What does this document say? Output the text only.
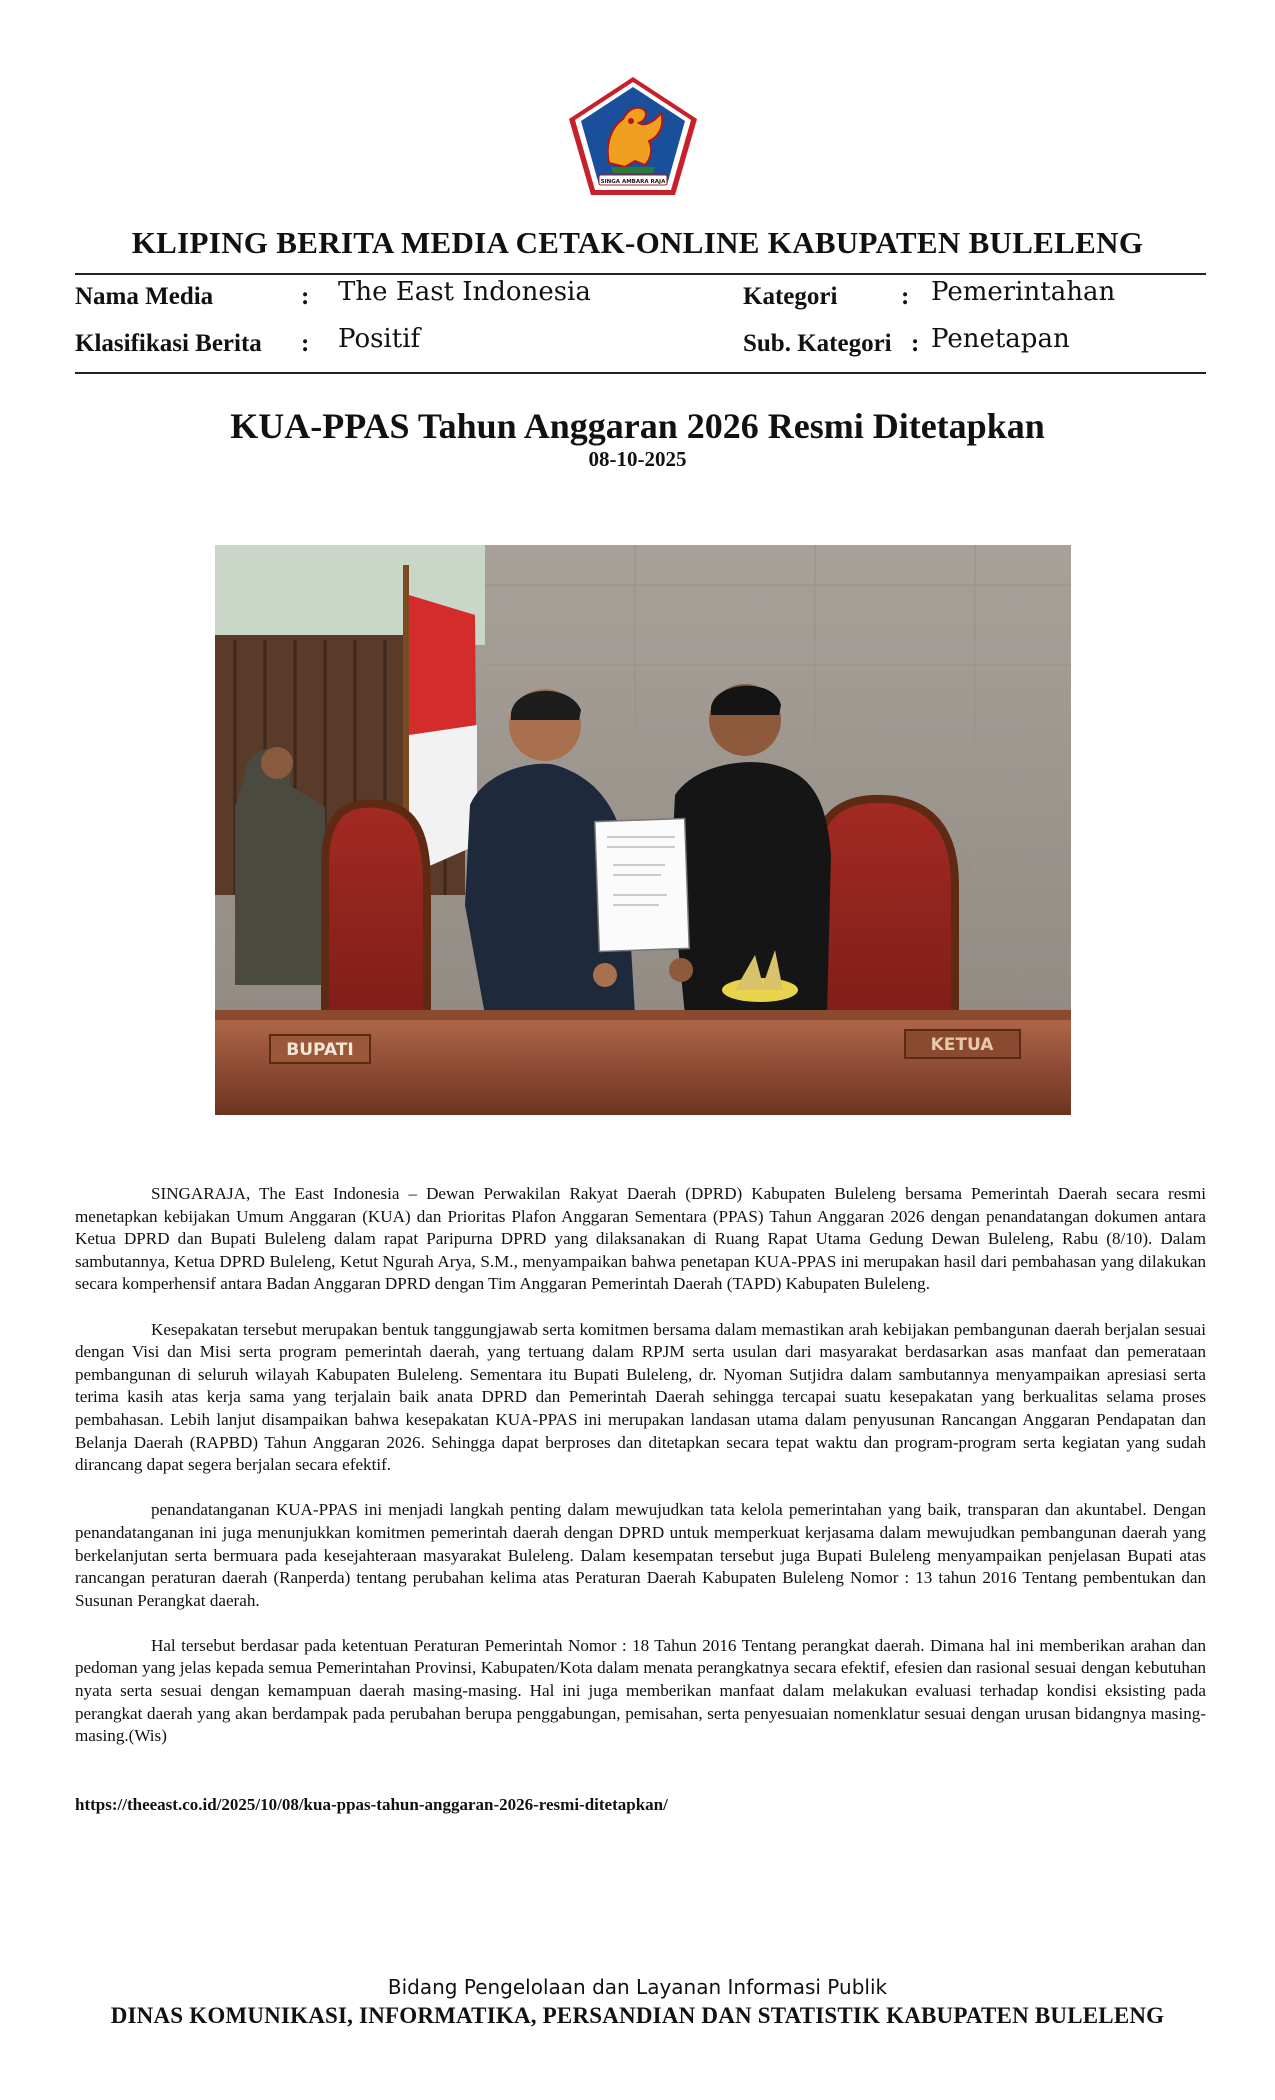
SINGA AMBARA RAJA
KLIPING BERITA MEDIA CETAK-ONLINE KABUPATEN BULELENG
Nama Media	: The East Indonesia	Kategori	: Pemerintahan
Klasifikasi Berita : Positif	Sub. Kategori : Penetapan
KUA-PPAS Tahun Anggaran 2026 Resmi Ditetapkan
08-10-2025
BUPATI	KETUA

SINGARAJA, The East Indonesia – Dewan Perwakilan Rakyat Daerah (DPRD) Kabupaten Buleleng bersama Pemerintah Daerah secara resmi menetapkan kebijakan Umum Anggaran (KUA) dan Prioritas Plafon Anggaran Sementara (PPAS) Tahun Anggaran 2026 dengan penandatangan dokumen antara Ketua DPRD dan Bupati Buleleng dalam rapat Paripurna DPRD yang dilaksanakan di Ruang Rapat Utama Gedung Dewan Buleleng, Rabu (8/10). Dalam sambutannya, Ketua DPRD Buleleng, Ketut Ngurah Arya, S.M., menyampaikan bahwa penetapan KUA-PPAS ini merupakan hasil dari pembahasan yang dilakukan secara komperhensif antara Badan Anggaran DPRD dengan Tim Anggaran Pemerintah Daerah (TAPD) Kabupaten Buleleng.

Kesepakatan tersebut merupakan bentuk tanggungjawab serta komitmen bersama dalam memastikan arah kebijakan pembangunan daerah berjalan sesuai dengan Visi dan Misi serta program pemerintah daerah, yang tertuang dalam RPJM serta usulan dari masyarakat berdasarkan asas manfaat dan pemerataan pembangunan di seluruh wilayah Kabupaten Buleleng. Sementara itu Bupati Buleleng, dr. Nyoman Sutjidra dalam sambutannya menyampaikan apresiasi serta terima kasih atas kerja sama yang terjalain baik anata DPRD dan Pemerintah Daerah sehingga tercapai suatu kesepakatan yang berkualitas selama proses pembahasan. Lebih lanjut disampaikan bahwa kesepakatan KUA-PPAS ini merupakan landasan utama dalam penyusunan Rancangan Anggaran Pendapatan dan Belanja Daerah (RAPBD) Tahun Anggaran 2026. Sehingga dapat berproses dan ditetapkan secara tepat waktu dan program-program serta kegiatan yang sudah dirancang dapat segera berjalan secara efektif.

penandatanganan KUA-PPAS ini menjadi langkah penting dalam mewujudkan tata kelola pemerintahan yang baik, transparan dan akuntabel. Dengan penandatanganan ini juga menunjukkan komitmen pemerintah daerah dengan DPRD untuk memperkuat kerjasama dalam mewujudkan pembangunan daerah yang berkelanjutan serta bermuara pada kesejahteraan masyarakat Buleleng. Dalam kesempatan tersebut juga Bupati Buleleng menyampaikan penjelasan Bupati atas rancangan peraturan daerah (Ranperda) tentang perubahan kelima atas Peraturan Daerah Kabupaten Buleleng Nomor : 13 tahun 2016 Tentang pembentukan dan Susunan Perangkat daerah.

Hal tersebut berdasar pada ketentuan Peraturan Pemerintah Nomor : 18 Tahun 2016 Tentang perangkat daerah. Dimana hal ini memberikan arahan dan pedoman yang jelas kepada semua Pemerintahan Provinsi, Kabupaten/Kota dalam menata perangkatnya secara efektif, efesien dan rasional sesuai dengan kebutuhan nyata serta sesuai dengan kemampuan daerah masing-masing. Hal ini juga memberikan manfaat dalam melakukan evaluasi terhadap kondisi eksisting pada perangkat daerah yang akan berdampak pada perubahan berupa penggabungan, pemisahan, serta penyesuaian nomenklatur sesuai dengan urusan bidangnya masing-masing.(Wis)

https://theeast.co.id/2025/10/08/kua-ppas-tahun-anggaran-2026-resmi-ditetapkan/
Bidang Pengelolaan dan Layanan Informasi Publik
DINAS KOMUNIKASI, INFORMATIKA, PERSANDIAN DAN STATISTIK KABUPATEN BULELENG
